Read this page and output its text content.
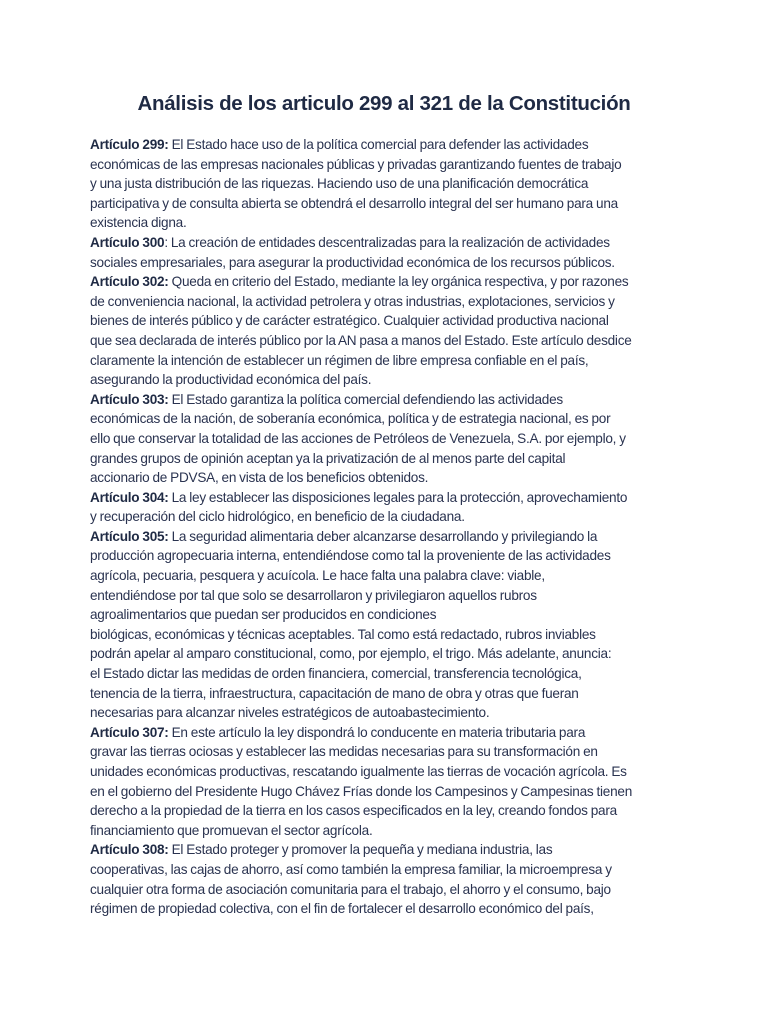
Análisis de los articulo 299 al 321 de la Constitución
Artículo 299: El Estado hace uso de la política comercial para defender las actividades
económicas de las empresas nacionales públicas y privadas garantizando fuentes de trabajo
y una justa distribución de las riquezas. Haciendo uso de una planificación democrática
participativa y de consulta abierta se obtendrá el desarrollo integral del ser humano para una
existencia digna.
Artículo 300: La creación de entidades descentralizadas para la realización de actividades
sociales empresariales, para asegurar la productividad económica de los recursos públicos.
Artículo 302: Queda en criterio del Estado, mediante la ley orgánica respectiva, y por razones
de conveniencia nacional, la actividad petrolera y otras industrias, explotaciones, servicios y
bienes de interés público y de carácter estratégico. Cualquier actividad productiva nacional
que sea declarada de interés público por la AN pasa a manos del Estado. Este artículo desdice
claramente la intención de establecer un régimen de libre empresa confiable en el país,
asegurando la productividad económica del país.
Artículo 303: El Estado garantiza la política comercial defendiendo las actividades
económicas de la nación, de soberanía económica, política y de estrategia nacional, es por
ello que conservar la totalidad de las acciones de Petróleos de Venezuela, S.A. por ejemplo, y
grandes grupos de opinión aceptan ya la privatización de al menos parte del capital
accionario de PDVSA, en vista de los beneficios obtenidos.
Artículo 304: La ley establecer las disposiciones legales para la protección, aprovechamiento
y recuperación del ciclo hidrológico, en beneficio de la ciudadana.
Artículo 305: La seguridad alimentaria deber alcanzarse desarrollando y privilegiando la
producción agropecuaria interna, entendiéndose como tal la proveniente de las actividades
agrícola, pecuaria, pesquera y acuícola. Le hace falta una palabra clave: viable,
entendiéndose por tal que solo se desarrollaron y privilegiaron aquellos rubros
agroalimentarios que puedan ser producidos en condiciones
biológicas, económicas y técnicas aceptables. Tal como está redactado, rubros inviables
podrán apelar al amparo constitucional, como, por ejemplo, el trigo. Más adelante, anuncia:
el Estado dictar las medidas de orden financiera, comercial, transferencia tecnológica,
tenencia de la tierra, infraestructura, capacitación de mano de obra y otras que fueran
necesarias para alcanzar niveles estratégicos de autoabastecimiento.
Artículo 307: En este artículo la ley dispondrá lo conducente en materia tributaria para
gravar las tierras ociosas y establecer las medidas necesarias para su transformación en
unidades económicas productivas, rescatando igualmente las tierras de vocación agrícola. Es
en el gobierno del Presidente Hugo Chávez Frías donde los Campesinos y Campesinas tienen
derecho a la propiedad de la tierra en los casos especificados en la ley, creando fondos para
financiamiento que promuevan el sector agrícola.
Artículo 308: El Estado proteger y promover la pequeña y mediana industria, las
cooperativas, las cajas de ahorro, así como también la empresa familiar, la microempresa y
cualquier otra forma de asociación comunitaria para el trabajo, el ahorro y el consumo, bajo
régimen de propiedad colectiva, con el fin de fortalecer el desarrollo económico del país,
